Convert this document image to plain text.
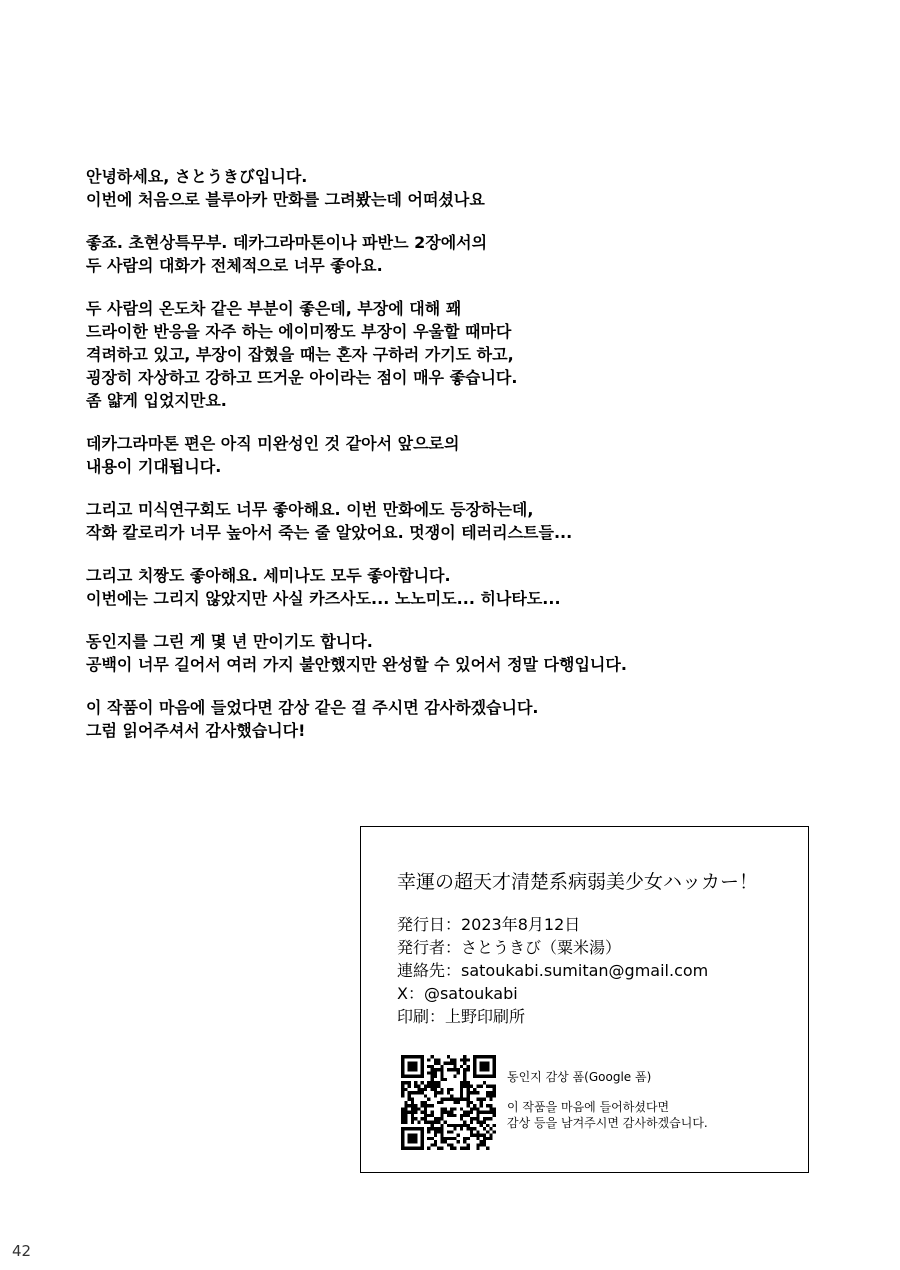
안녕하세요, さとうきび입니다.
이번에 처음으로 블루아카 만화를 그려봤는데 어떠셨나요

좋죠. 초현상특무부. 데카그라마톤이나 파반느 2장에서의
두 사람의 대화가 전체적으로 너무 좋아요.

두 사람의 온도차 같은 부분이 좋은데, 부장에 대해 꽤
드라이한 반응을 자주 하는 에이미짱도 부장이 우울할 때마다
격려하고 있고, 부장이 잡혔을 때는 혼자 구하러 가기도 하고,
굉장히 자상하고 강하고 뜨거운 아이라는 점이 매우 좋습니다.
좀 얇게 입었지만요.

데카그라마톤 편은 아직 미완성인 것 같아서 앞으로의
내용이 기대됩니다.

그리고 미식연구회도 너무 좋아해요. 이번 만화에도 등장하는데,
작화 칼로리가 너무 높아서 죽는 줄 알았어요. 멋쟁이 테러리스트들...

그리고 치짱도 좋아해요. 세미나도 모두 좋아합니다.
이번에는 그리지 않았지만 사실 카즈사도... 노노미도... 히나타도...

동인지를 그린 게 몇 년 만이기도 합니다.
공백이 너무 길어서 여러 가지 불안했지만 완성할 수 있어서 정말 다행입니다.

이 작품이 마음에 들었다면 감상 같은 걸 주시면 감사하겠습니다.
그럼 읽어주셔서 감사했습니다!

幸運の超天才清楚系病弱美少女ハッカー！
発行日：2023年8月12日
発行者：さとうきび（粟米湯）
連絡先：satoukabi.sumitan@gmail.com
X：@satoukabi
印刷：上野印刷所
동인지 감상 폼(Google 폼)
이 작품을 마음에 들어하셨다면
감상 등을 남겨주시면 감사하겠습니다.
42
